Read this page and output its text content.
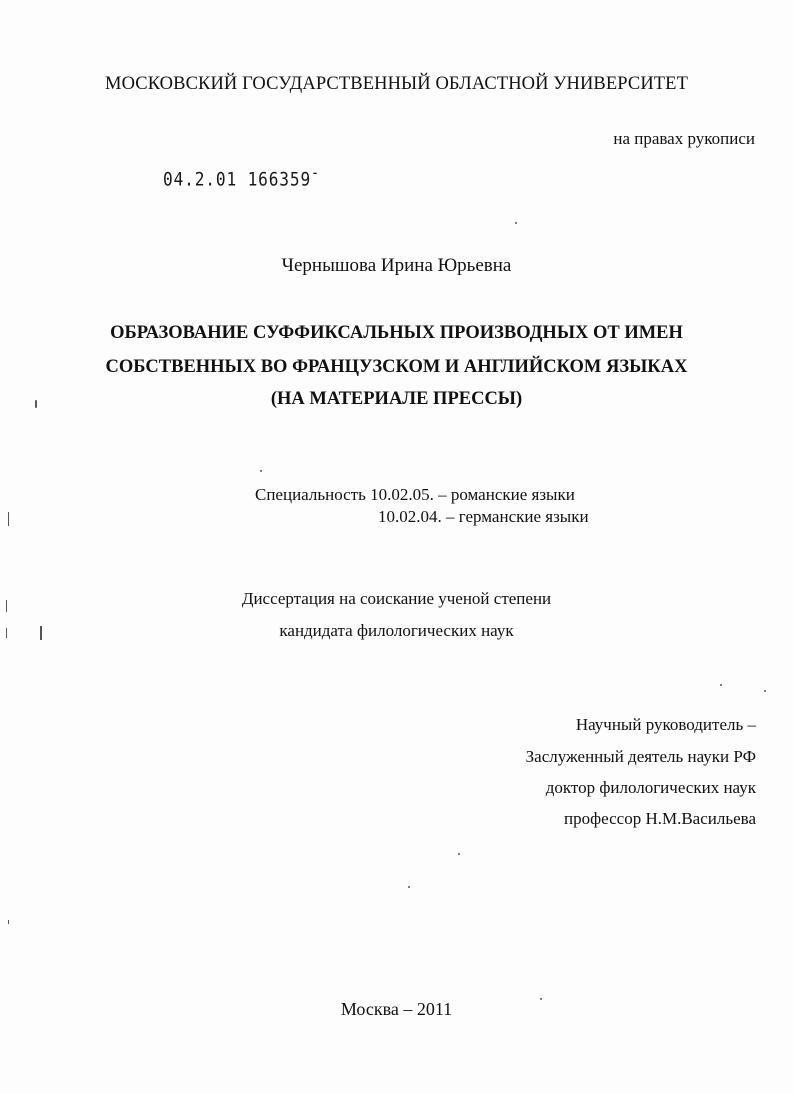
МОСКОВСКИЙ ГОСУДАРСТВЕННЫЙ ОБЛАСТНОЙ УНИВЕРСИТЕТ
на правах рукописи
04.2.01 166359-
Чернышова Ирина Юрьевна
ОБРАЗОВАНИЕ СУФФИКСАЛЬНЫХ ПРОИЗВОДНЫХ ОТ ИМЕН
СОБСТВЕННЫХ ВО ФРАНЦУЗСКОМ И АНГЛИЙСКОМ ЯЗЫКАХ
(НА МАТЕРИАЛЕ ПРЕССЫ)
Специальность 10.02.05. – романские языки
10.02.04. – германские языки
Диссертация на соискание ученой степени
кандидата филологических наук
Научный руководитель –
Заслуженный деятель науки РФ
доктор филологических наук
профессор Н.М.Васильева
Москва – 2011
